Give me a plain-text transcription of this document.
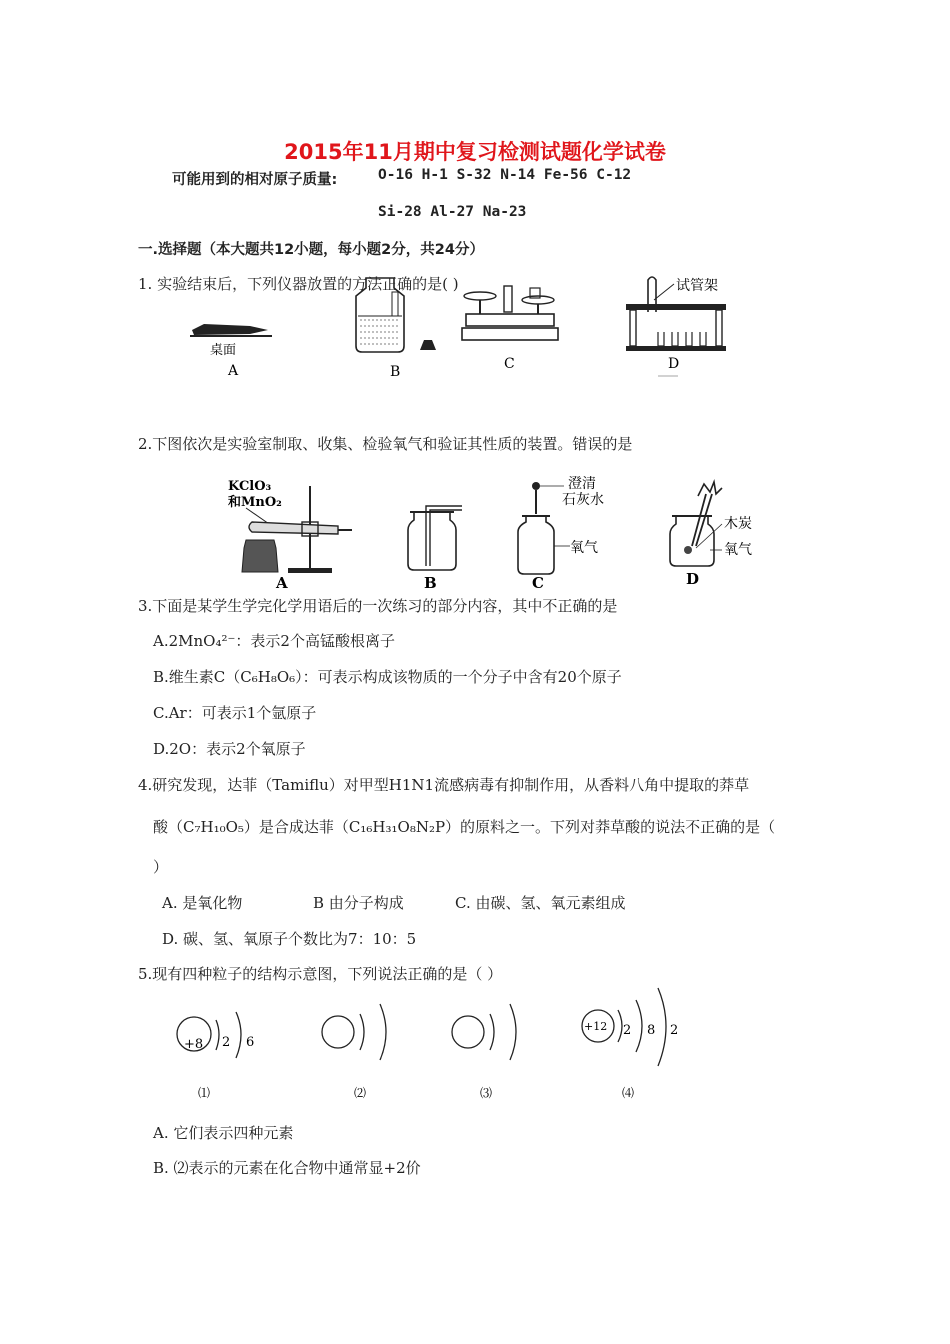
2015年11月期中复习检测试题化学试卷
可能用到的相对原子质量:	O-16 H-1 S-32 N-14 Fe-56 C-12
Si-28 Al-27 Na-23
一.选择题（本大题共12小题，每小题2分，共24分）
1. 实验结束后，下列仪器放置的方法正确的是( )
桌面
A	B	C
试管架
D
2.下图依次是实验室制取、收集、检验氧气和验证其性质的装置。错误的是
KClO₃
和MnO₂
A	B
澄清
石灰水
氧气
C
木炭
氧气
D
3.下面是某学生学完化学用语后的一次练习的部分内容，其中不正确的是
A.2MnO₄²⁻：表示2个高锰酸根离子
B.维生素C（C₆H₈O₆）：可表示构成该物质的一个分子中含有20个原子
C.Ar：可表示1个氩原子
D.2O：表示2个氧原子
4.研究发现，达菲（Tamiflu）对甲型H1N1流感病毒有抑制作用，从香料八角中提取的莽草
酸（C₇H₁₀O₅）是合成达菲（C₁₆H₃₁O₈N₂P）的原料之一。下列对莽草酸的说法不正确的是（
）
A. 是氧化物	B 由分子构成	C. 由碳、氢、氧元素组成
D. 碳、氢、氧原子个数比为7：10：5
5.现有四种粒子的结构示意图，下列说法正确的是（ ）
+8 2 6
⑴	⑵	⑶
+12 2 8 2
⑷
A. 它们表示四种元素
B. ⑵表示的元素在化合物中通常显+2价
